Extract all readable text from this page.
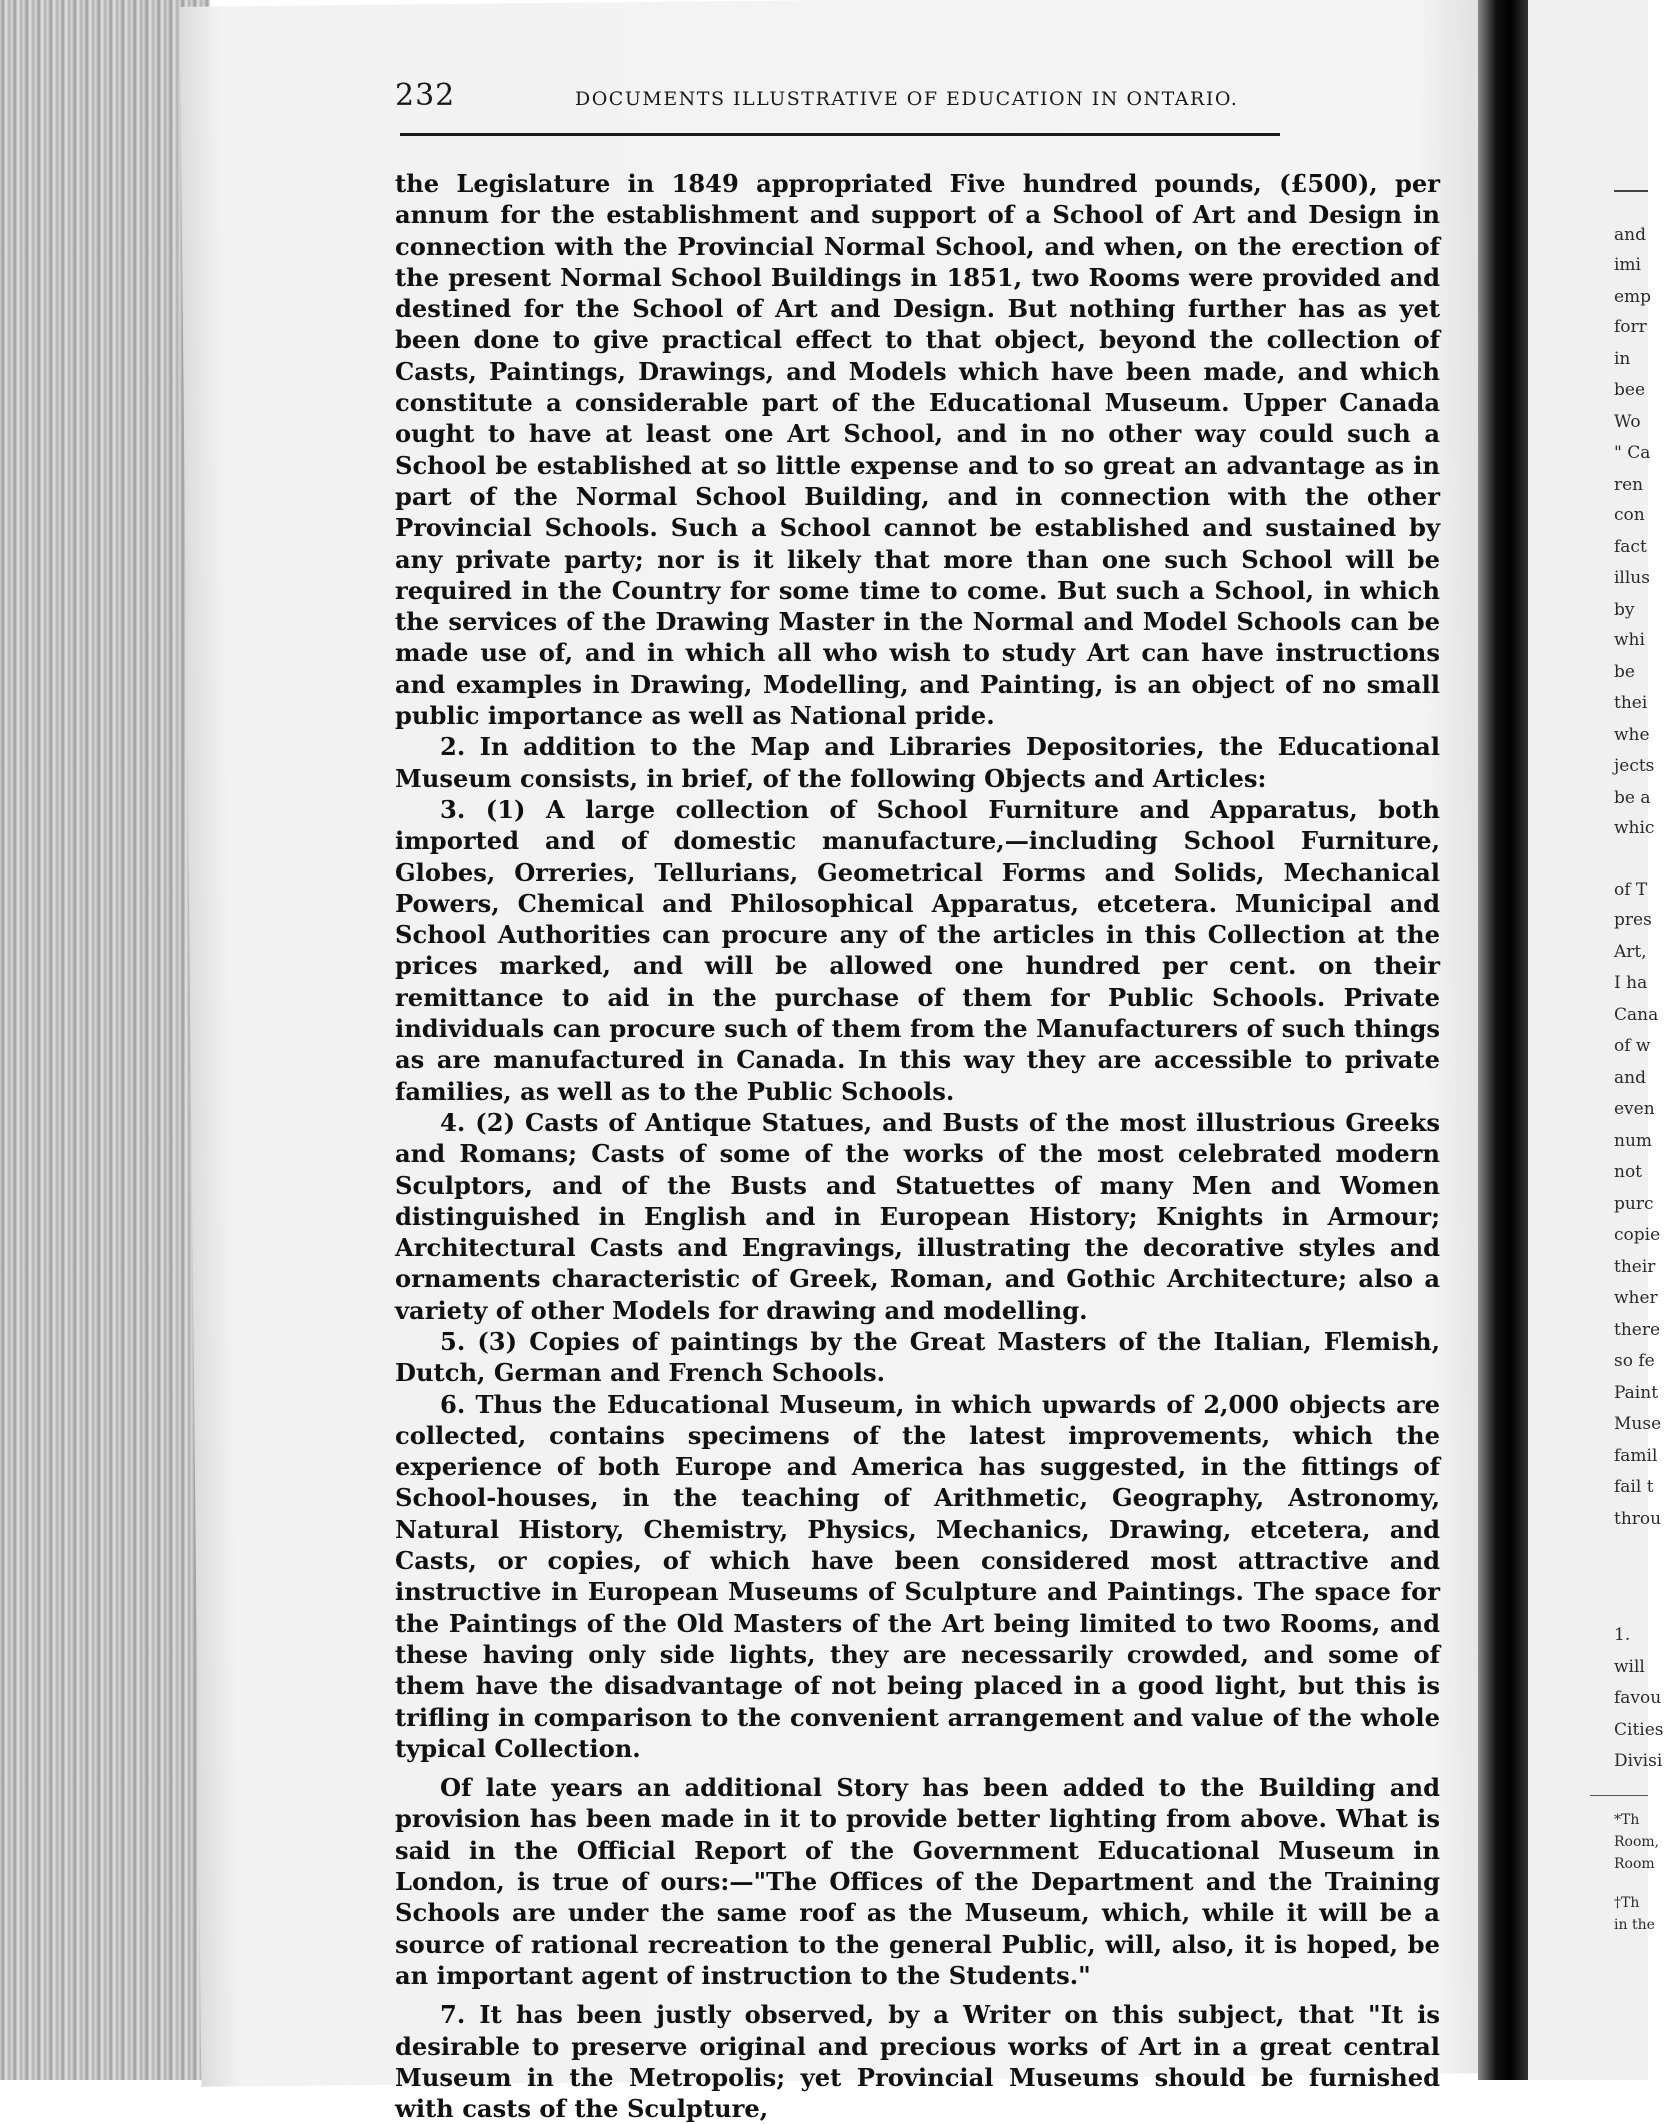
232	DOCUMENTS ILLUSTRATIVE OF EDUCATION IN ONTARIO.

the Legislature in 1849 appropriated Five hundred pounds, (£500), per annum for the establishment and support of a School of Art and Design in connection with the Provincial Normal School, and when, on the erection of the present Normal School Buildings in 1851, two Rooms were provided and destined for the School of Art and Design. But nothing further has as yet been done to give practical effect to that object, beyond the collection of Casts, Paintings, Drawings, and Models which have been made, and which constitute a considerable part of the Educational Museum. Upper Canada ought to have at least one Art School, and in no other way could such a School be established at so little expense and to so great an advantage as in part of the Normal School Building, and in connection with the other Provincial Schools. Such a School cannot be established and sustained by any private party; nor is it likely that more than one such School will be required in the Country for some time to come. But such a School, in which the services of the Drawing Master in the Normal and Model Schools can be made use of, and in which all who wish to study Art can have instructions and examples in Drawing, Modelling, and Painting, is an object of no small public importance as well as National pride.

2. In addition to the Map and Libraries Depositories, the Educational Museum consists, in brief, of the following Objects and Articles:

3. (1) A large collection of School Furniture and Apparatus, both imported and of domestic manufacture,—including School Furniture, Globes, Orreries, Tellurians, Geometrical Forms and Solids, Mechanical Powers, Chemical and Philosophical Apparatus, etcetera. Municipal and School Authorities can procure any of the articles in this Collection at the prices marked, and will be allowed one hundred per cent. on their remittance to aid in the purchase of them for Public Schools. Private individuals can procure such of them from the Manufacturers of such things as are manufactured in Canada. In this way they are accessible to private families, as well as to the Public Schools.

4. (2) Casts of Antique Statues, and Busts of the most illustrious Greeks and Romans; Casts of some of the works of the most celebrated modern Sculptors, and of the Busts and Statuettes of many Men and Women distinguished in English and in European History; Knights in Armour; Architectural Casts and Engravings, illustrating the decorative styles and ornaments characteristic of Greek, Roman, and Gothic Architecture; also a variety of other Models for drawing and modelling.

5. (3) Copies of paintings by the Great Masters of the Italian, Flemish, Dutch, German and French Schools.

6. Thus the Educational Museum, in which upwards of 2,000 objects are collected, contains specimens of the latest improvements, which the experience of both Europe and America has suggested, in the fittings of School-houses, in the teaching of Arithmetic, Geography, Astronomy, Natural History, Chemistry, Physics, Mechanics, Drawing, etcetera, and Casts, or copies, of which have been considered most attractive and instructive in European Museums of Sculpture and Paintings. The space for the Paintings of the Old Masters of the Art being limited to two Rooms, and these having only side lights, they are necessarily crowded, and some of them have the disadvantage of not being placed in a good light, but this is trifling in comparison to the convenient arrangement and value of the whole typical Collection.

Of late years an additional Story has been added to the Building and provision has been made in it to provide better lighting from above. What is said in the Official Report of the Government Educational Museum in London, is true of ours:—"The Offices of the Department and the Training Schools are under the same roof as the Museum, which, while it will be a source of rational recreation to the general Public, will, also, it is hoped, be an important agent of instruction to the Students."

7. It has been justly observed, by a Writer on this subject, that "It is desirable to preserve original and precious works of Art in a great central Museum in the Metropolis; yet Provincial Museums should be furnished with casts of the Sculpture,

and
imi
emp
forr
in
bee
Wo
" Ca
ren
con
fact
illus
by
whi
be
thei
whe
jects
be a
whic
of T
pres
Art,
I ha
Cana
of w
and
even
num
not
purc
copie
their
wher
there
so fe
Paint
Muse
famil
fail t
throu
1.
will
favou
Cities
Divisi
*Th
Room,
Room
†Th
in the
